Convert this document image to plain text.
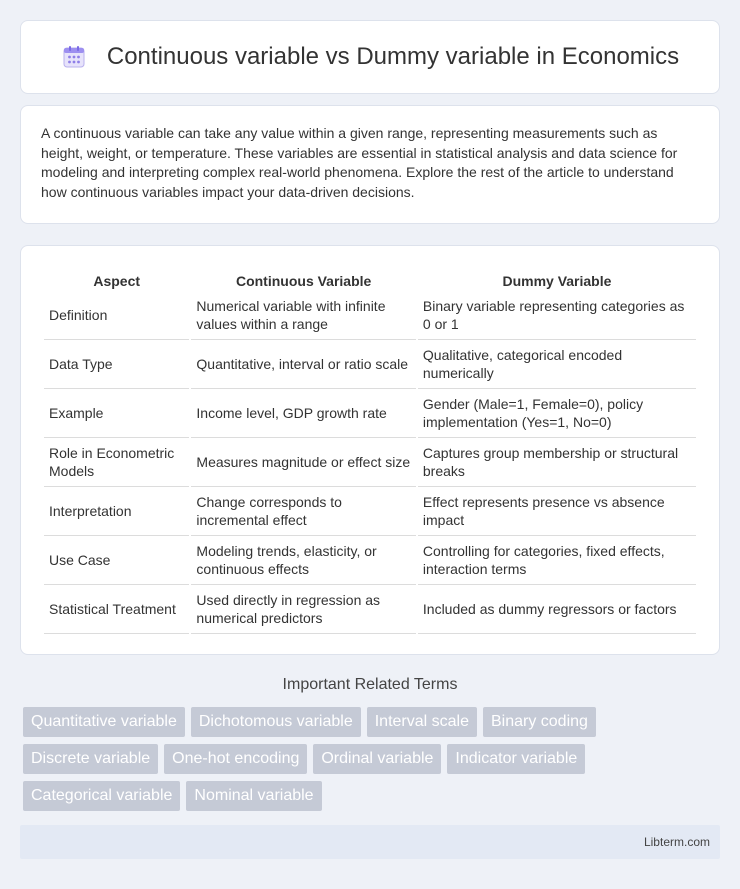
Continuous variable vs Dummy variable in Economics

A continuous variable can take any value within a given range, representing measurements such as height, weight, or temperature. These variables are essential in statistical analysis and data science for modeling and interpreting complex real-world phenomena. Explore the rest of the article to understand how continuous variables impact your data-driven decisions.

Aspect	Continuous Variable	Dummy Variable
Definition	Numerical variable with infinite values within a range	Binary variable representing categories as 0 or 1
Data Type	Quantitative, interval or ratio scale	Qualitative, categorical encoded numerically
Example	Income level, GDP growth rate	Gender (Male=1, Female=0), policy implementation (Yes=1, No=0)
Role in Econometric Models	Measures magnitude or effect size	Captures group membership or structural breaks
Interpretation	Change corresponds to incremental effect	Effect represents presence vs absence impact
Use Case	Modeling trends, elasticity, or continuous effects	Controlling for categories, fixed effects, interaction terms
Statistical Treatment	Used directly in regression as numerical predictors	Included as dummy regressors or factors
Important Related Terms
Quantitative variable	Dichotomous variable	Interval scale	Binary coding
Discrete variable	One-hot encoding	Ordinal variable	Indicator variable
Categorical variable	Nominal variable
Libterm.com
